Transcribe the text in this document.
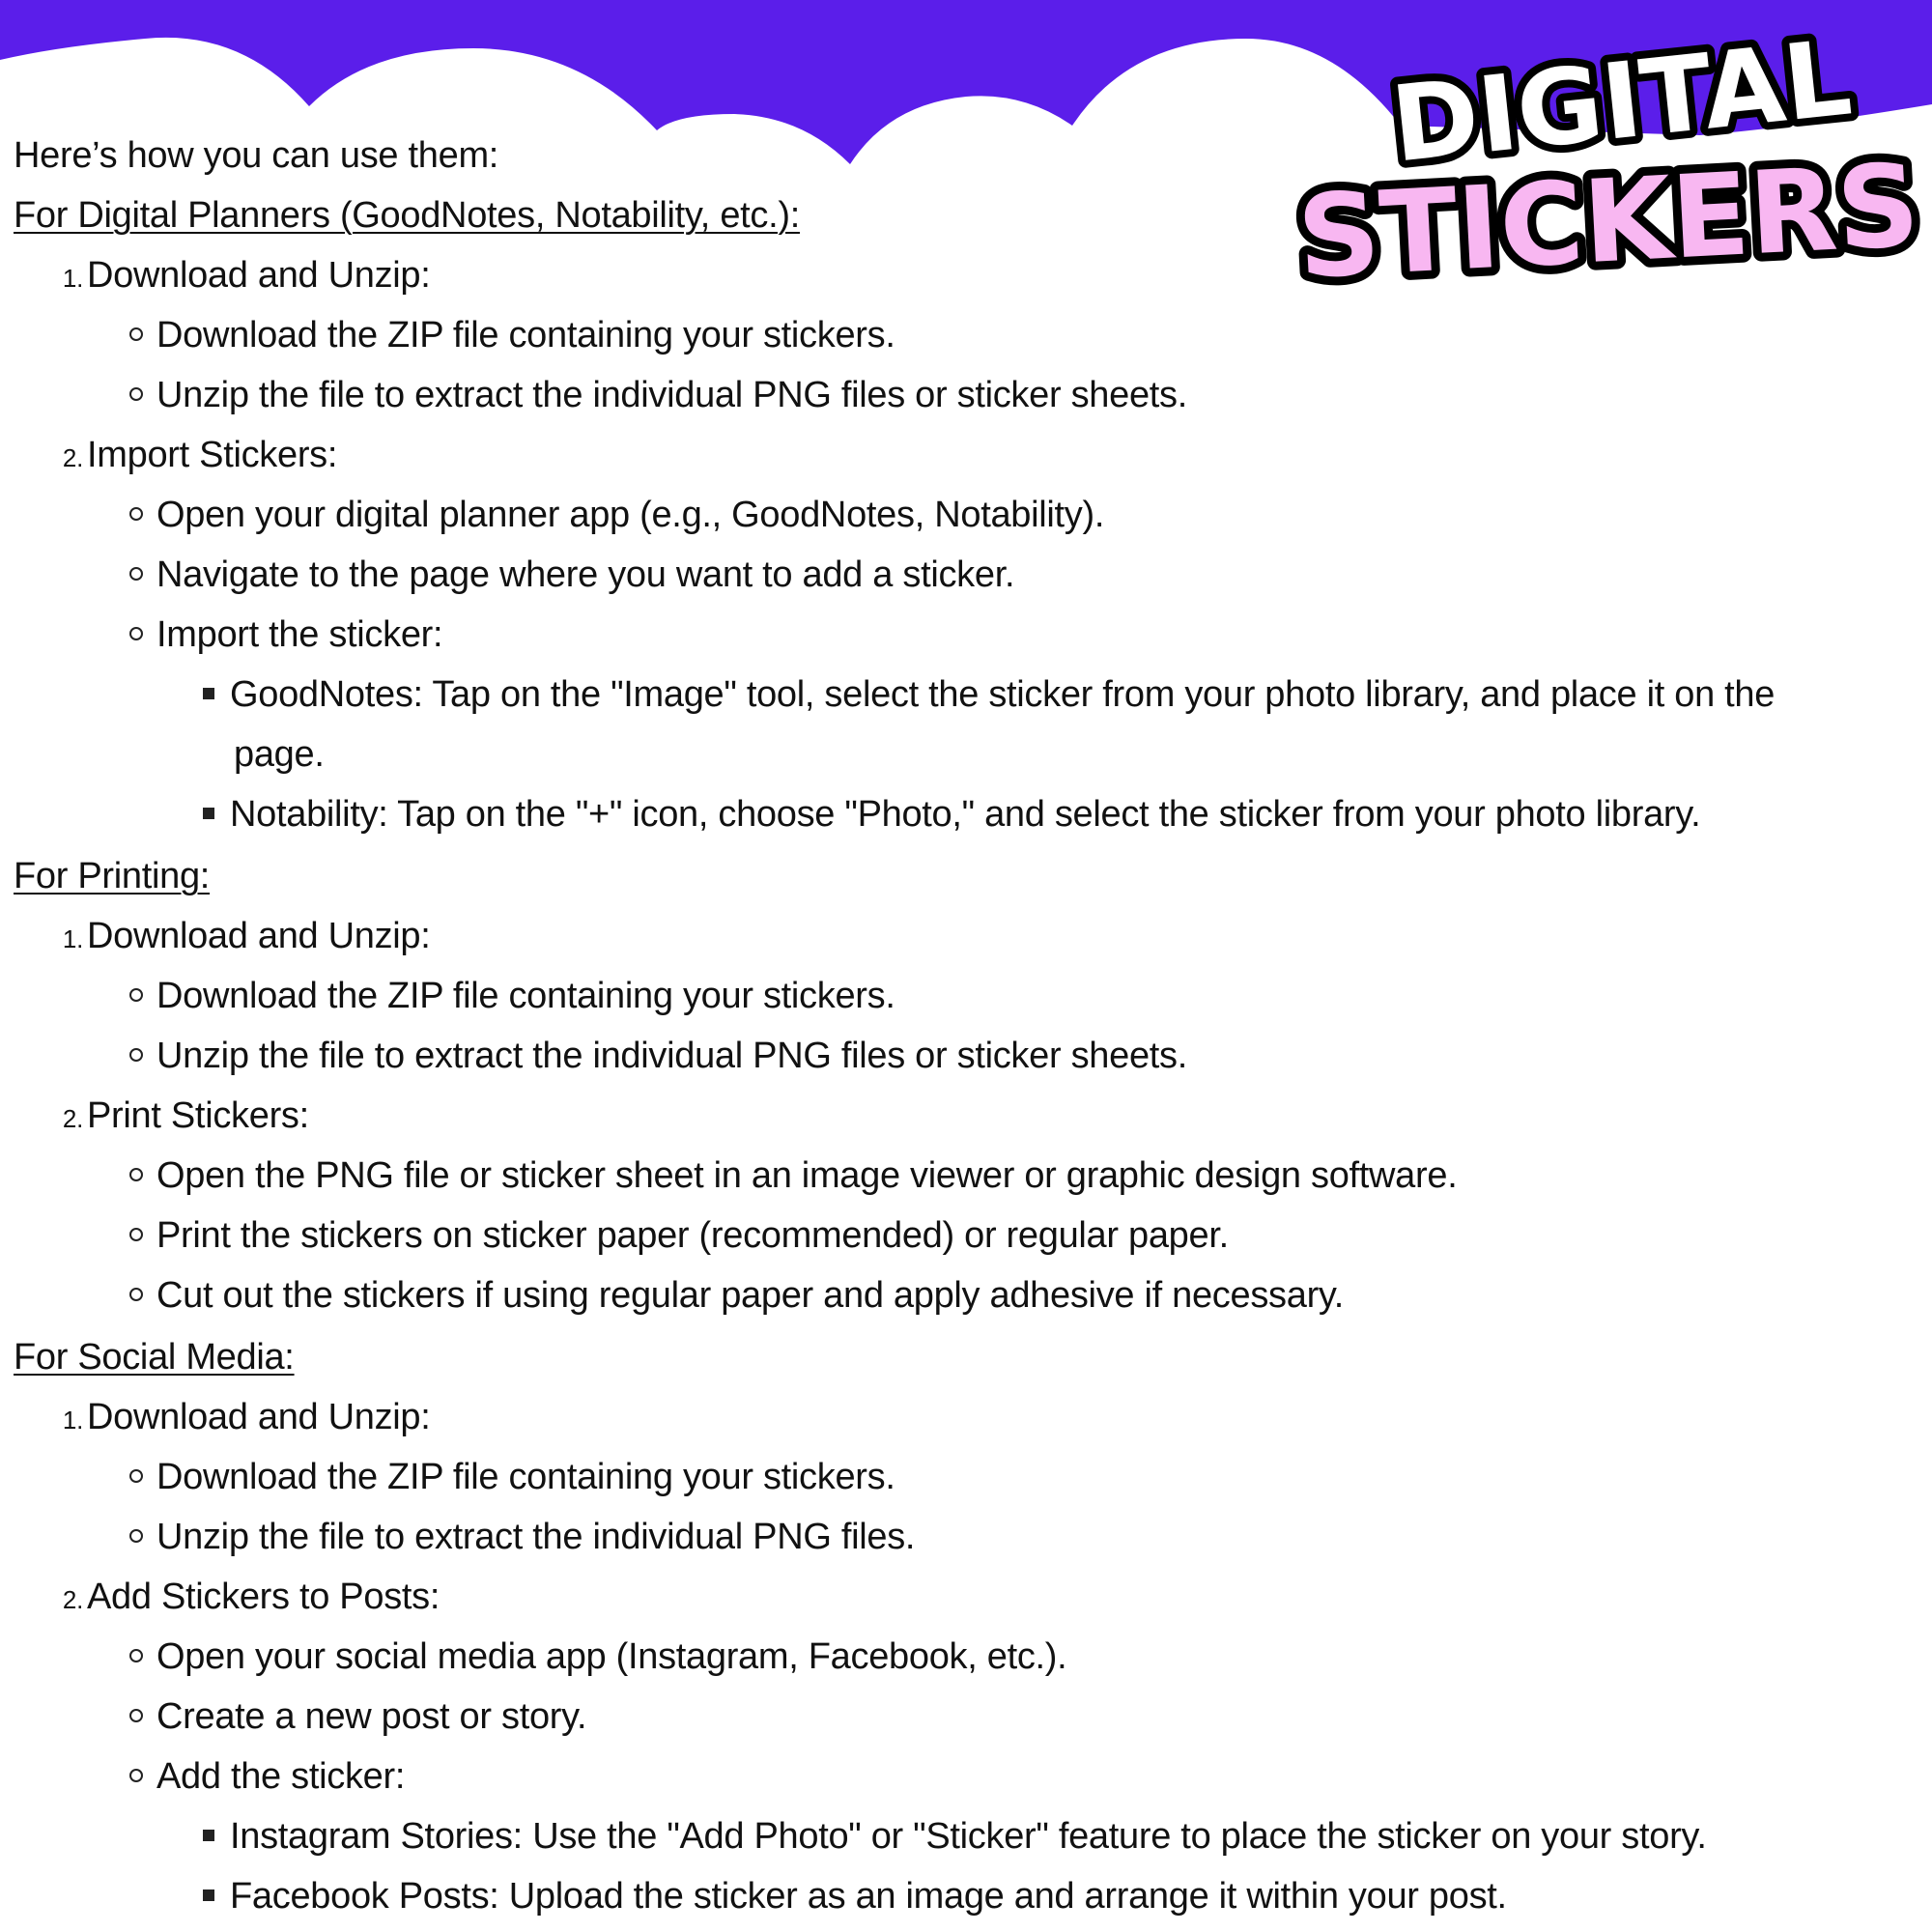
DIGITAL
STICKERS
Here’s how you can use them:
For Digital Planners (GoodNotes, Notability, etc.):
1. Download and Unzip:
Download the ZIP file containing your stickers.
Unzip the file to extract the individual PNG files or sticker sheets.
2. Import Stickers:
Open your digital planner app (e.g., GoodNotes, Notability).
Navigate to the page where you want to add a sticker.
Import the sticker:
GoodNotes: Tap on the "Image" tool, select the sticker from your photo library, and place it on the
page.
Notability: Tap on the "+" icon, choose "Photo," and select the sticker from your photo library.
For Printing:
1. Download and Unzip:
Download the ZIP file containing your stickers.
Unzip the file to extract the individual PNG files or sticker sheets.
2. Print Stickers:
Open the PNG file or sticker sheet in an image viewer or graphic design software.
Print the stickers on sticker paper (recommended) or regular paper.
Cut out the stickers if using regular paper and apply adhesive if necessary.
For Social Media:
1. Download and Unzip:
Download the ZIP file containing your stickers.
Unzip the file to extract the individual PNG files.
2. Add Stickers to Posts:
Open your social media app (Instagram, Facebook, etc.).
Create a new post or story.
Add the sticker:
Instagram Stories: Use the "Add Photo" or "Sticker" feature to place the sticker on your story.
Facebook Posts: Upload the sticker as an image and arrange it within your post.
